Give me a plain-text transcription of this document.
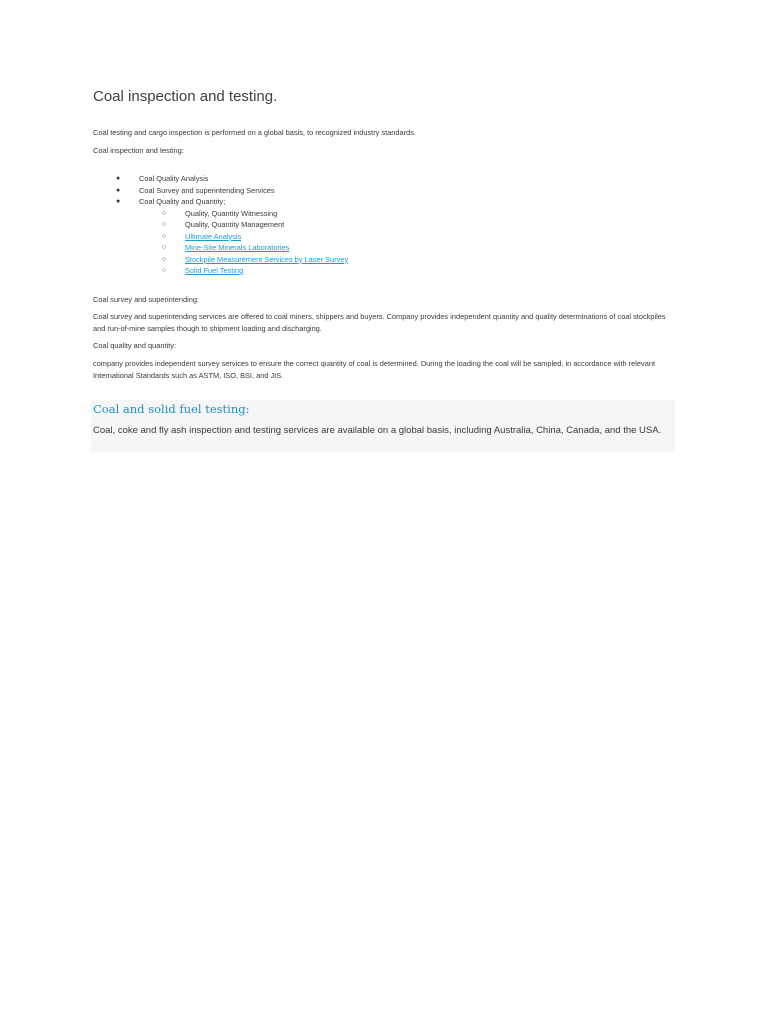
Coal inspection and testing.

Coal testing and cargo inspection is performed on a global basis, to recognized industry standards.

Coal inspection and testing:

●	Coal Quality Analysis
●	Coal Survey and superintending Services
●	Coal Quality and Quantity;
○	Quality, Quantity Witnessing
○	Quality, Quantity Management
○	Ultimate Analysis
○	Mine-Site Minerals Laboratories
○	Stockpile Measurement Services by Laser Survey
○	Solid Fuel Testing

Coal survey and superintending:

Coal survey and superintending services are offered to coal miners, shippers and buyers. Company provides independent quantity and quality determinations of coal stockpiles and run-of-mine samples though to shipment loading and discharging.

Coal quality and quantity:

company provides independent survey services to ensure the correct quantity of coal is determined. During the loading the coal will be sampled, in accordance with relevant International Standards such as ASTM, ISO, BSI, and JIS.

Coal and solid fuel testing:

Coal, coke and fly ash inspection and testing services are available on a global basis, including Australia, China, Canada, and the USA.
